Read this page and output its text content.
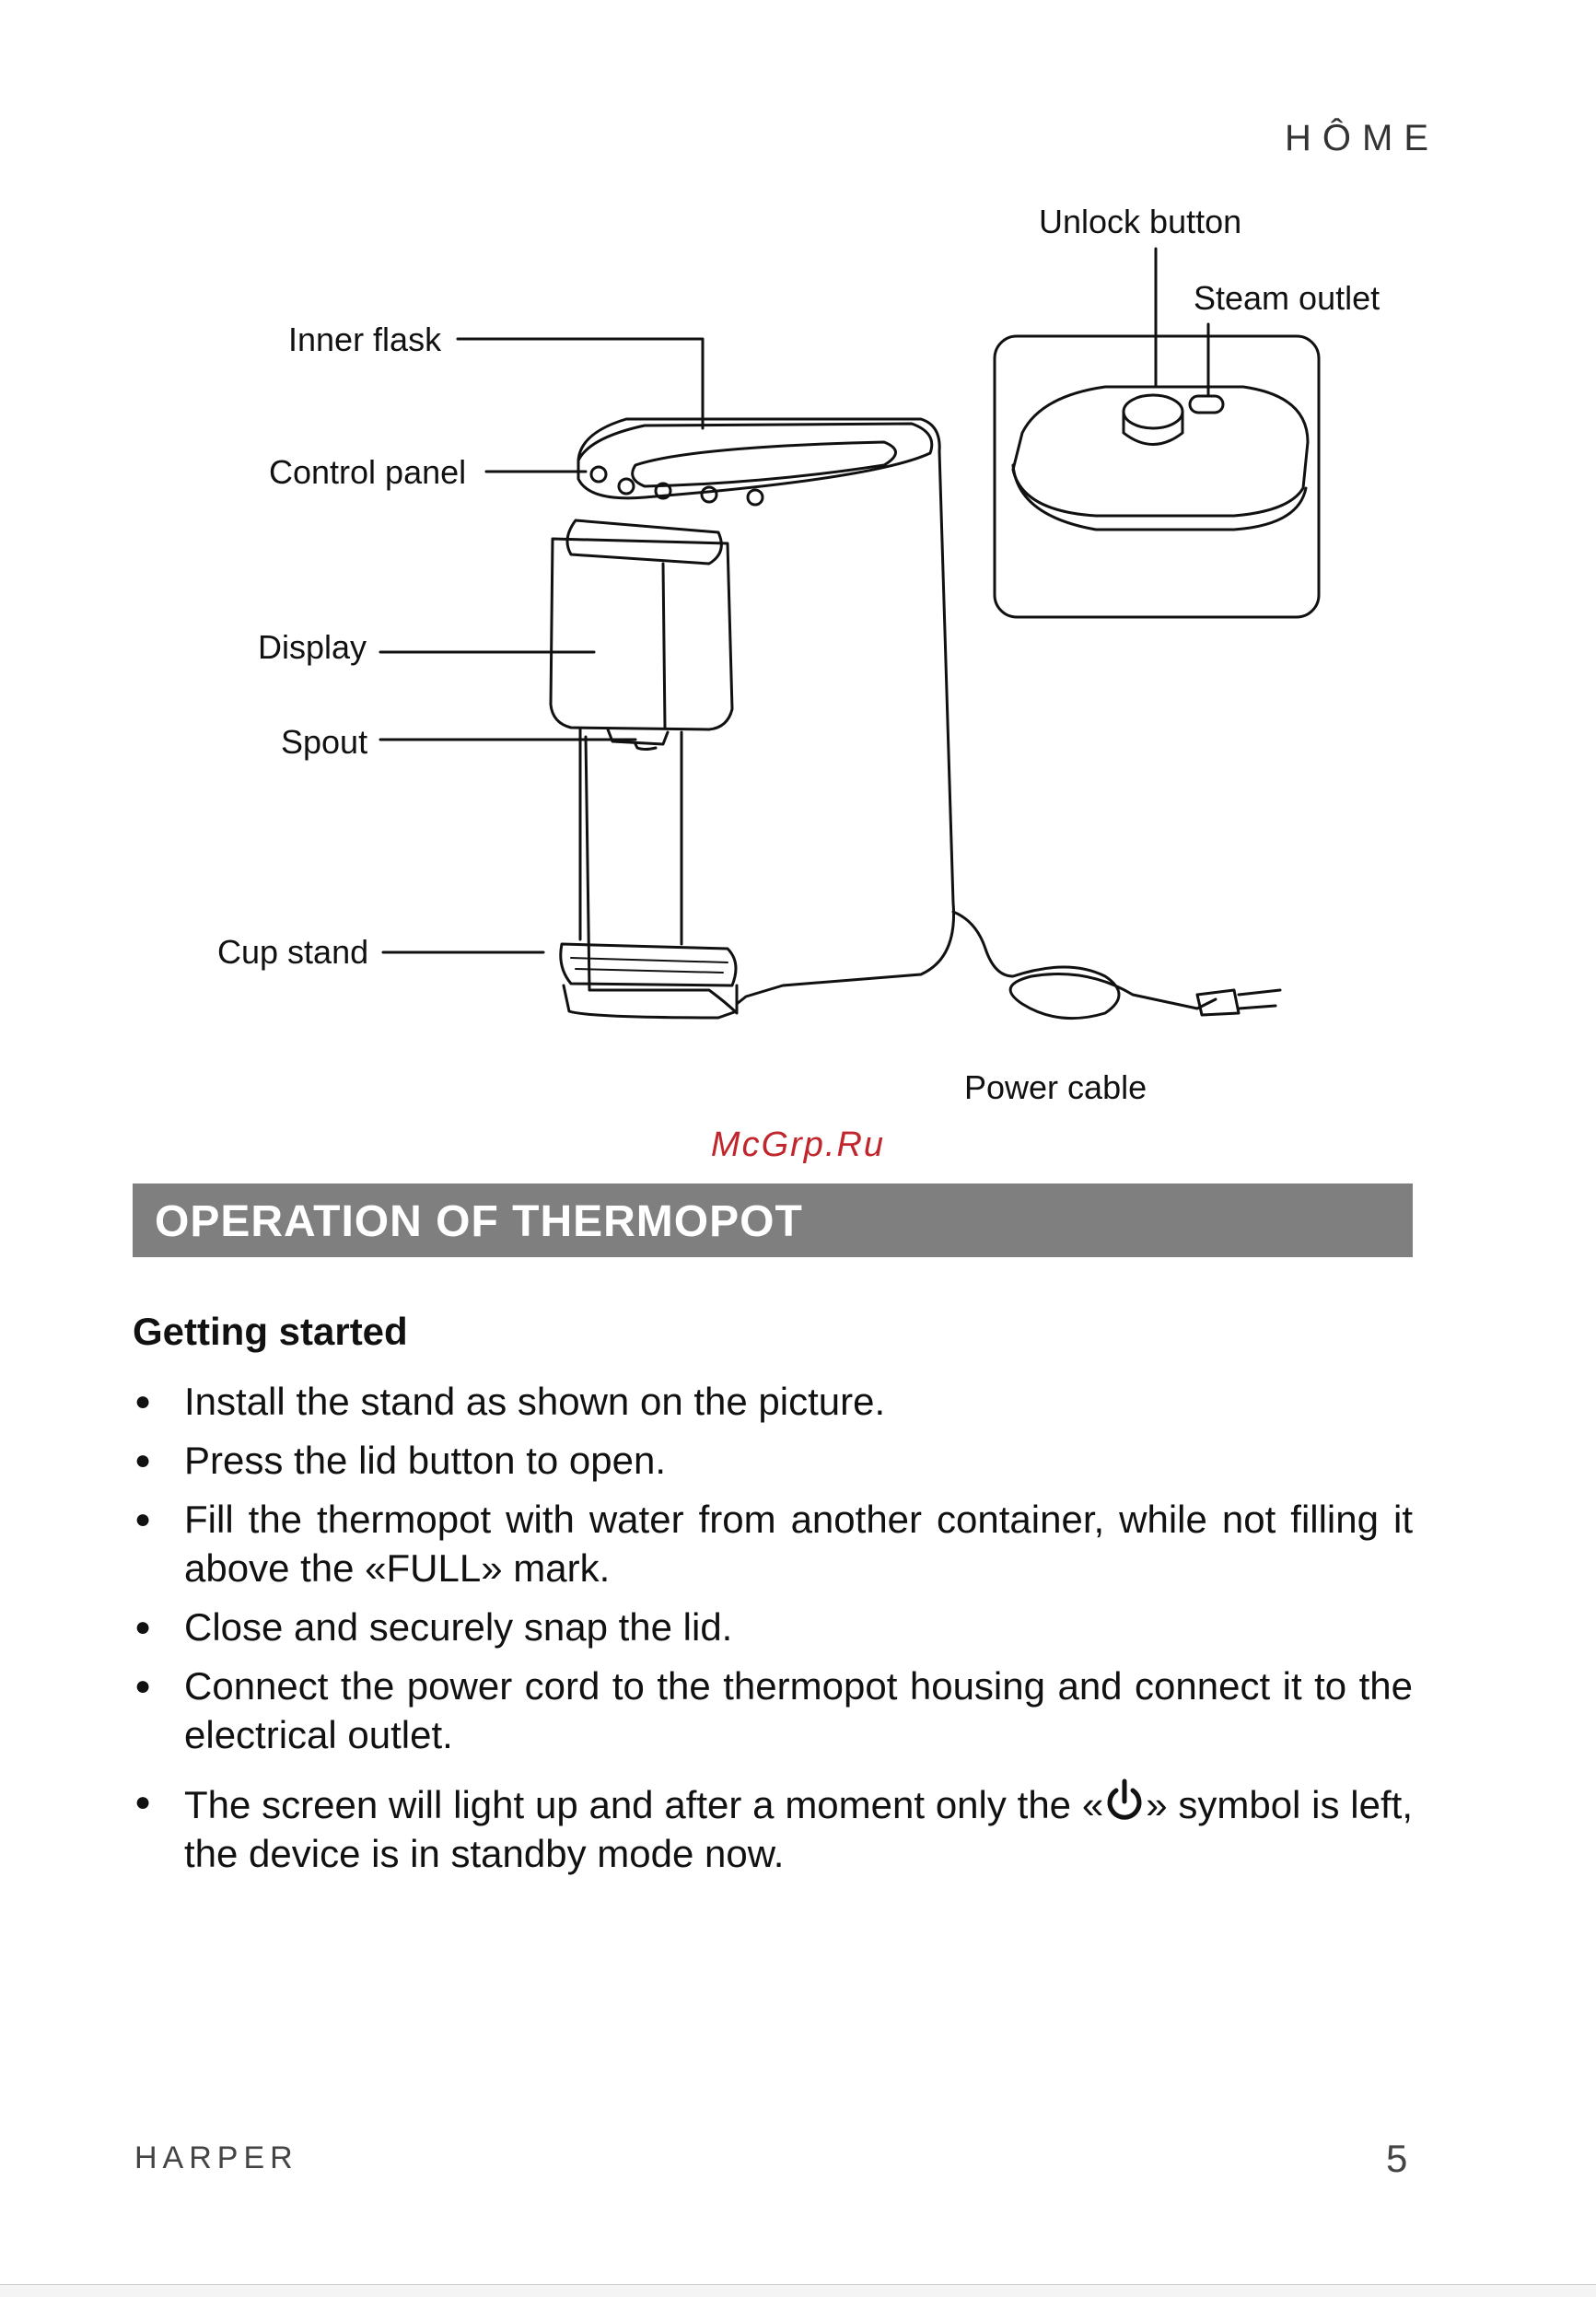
HÔME
Unlock button
Steam outlet
Inner flask
Control panel
Display
Spout
Cup stand
Power cable
McGrp.Ru
OPERATION OF THERMOPOT
Getting started
● Install the stand as shown on the picture.
● Press the lid button to open.
● Fill the thermopot with water from another container, while not filling it above the «FULL» mark.
● Close and securely snap the lid.
● Connect the power cord to the thermopot housing and connect it to the electrical outlet.
● The screen will light up and after a moment only the « » symbol is left, the device is in standby mode now.
HARPER	5
